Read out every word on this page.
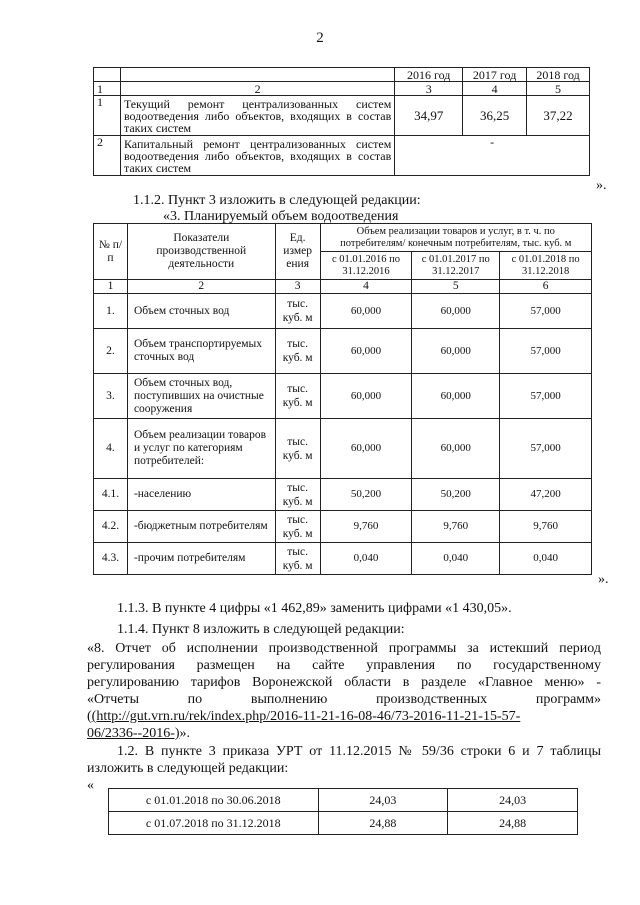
2
		2016 год	2017 год	2018 год
1	2	3	4	5
1	Текущий ремонт централизованных систем водоотведения либо объектов, входящих в состав таких систем	34,97	36,25	37,22
2	Капитальный ремонт централизованных систем водоотведения либо объектов, входящих в состав таких систем	-		
».
1.1.2. Пункт 3 изложить в следующей редакции:
«3. Планируемый объем водоотведения
№ п/п	Показатели производственной деятельности	Ед. измер ения	Объем реализации товаров и услуг, в т. ч. по потребителям/ конечным потребителям, тыс. куб. м		
			с 01.01.2016 по 31.12.2016	с 01.01.2017 по 31.12.2017	с 01.01.2018 по 31.12.2018
1	2	3	4	5	6
1.	Объем сточных вод	тыс. куб. м	60,000	60,000	57,000
2.	Объем транспортируемых сточных вод	тыс. куб. м	60,000	60,000	57,000
3.	Объем сточных вод, поступивших на очистные сооружения	тыс. куб. м	60,000	60,000	57,000
4.	Объем реализации товаров и услуг по категориям потребителей:	тыс. куб. м	60,000	60,000	57,000
4.1.	-населению	тыс. куб. м	50,200	50,200	47,200
4.2.	-бюджетным потребителям	тыс. куб. м	9,760	9,760	9,760
4.3.	-прочим потребителям	тыс. куб. м	0,040	0,040	0,040
».
1.1.3. В пункте 4 цифры «1 462,89» заменить цифрами «1 430,05».
1.1.4. Пункт 8 изложить в следующей редакции:
«8. Отчет об исполнении производственной программы за истекший период
регулирования размещен на сайте управления по государственному
регулированию тарифов Воронежской области в разделе «Главное меню» -
«Отчеты по выполнению производственных программ»
((http://gut.vrn.ru/rek/index.php/2016-11-21-16-08-46/73-2016-11-21-15-57-
06/2336--2016-)».
1.2. В пункте 3 приказа УРТ от 11.12.2015 № 59/36 строки 6 и 7 таблицы
изложить в следующей редакции:
«
с 01.01.2018 по 30.06.2018	24,03	24,03
с 01.07.2018 по 31.12.2018	24,88	24,88
